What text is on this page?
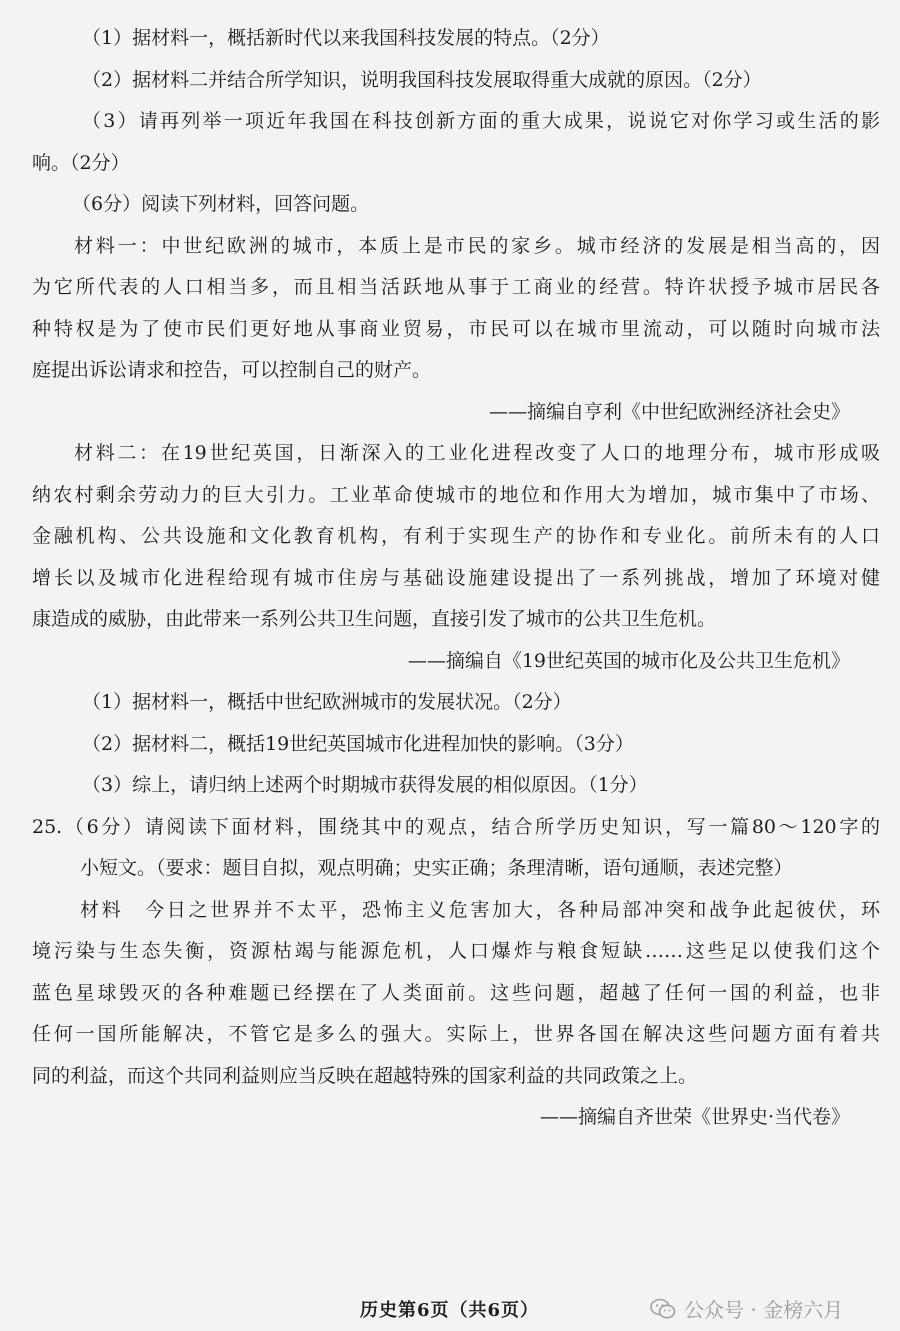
（1）据材料一，概括新时代以来我国科技发展的特点。（2分）
（2）据材料二并结合所学知识，说明我国科技发展取得重大成就的原因。（2分）
（3）请再列举一项近年我国在科技创新方面的重大成果，说说它对你学习或生活的影
响。（2分）
（6分）阅读下列材料，回答问题。
材料一：中世纪欧洲的城市，本质上是市民的家乡。城市经济的发展是相当高的，因
为它所代表的人口相当多，而且相当活跃地从事于工商业的经营。特许状授予城市居民各
种特权是为了使市民们更好地从事商业贸易，市民可以在城市里流动，可以随时向城市法
庭提出诉讼请求和控告，可以控制自己的财产。
——摘编自亨利《中世纪欧洲经济社会史》
材料二：在19世纪英国，日渐深入的工业化进程改变了人口的地理分布，城市形成吸
纳农村剩余劳动力的巨大引力。工业革命使城市的地位和作用大为增加，城市集中了市场、
金融机构、公共设施和文化教育机构，有利于实现生产的协作和专业化。前所未有的人口
增长以及城市化进程给现有城市住房与基础设施建设提出了一系列挑战，增加了环境对健
康造成的威胁，由此带来一系列公共卫生问题，直接引发了城市的公共卫生危机。
——摘编自《19世纪英国的城市化及公共卫生危机》
（1）据材料一，概括中世纪欧洲城市的发展状况。（2分）
（2）据材料二，概括19世纪英国城市化进程加快的影响。（3分）
（3）综上，请归纳上述两个时期城市获得发展的相似原因。（1分）
25.（6分）请阅读下面材料，围绕其中的观点，结合所学历史知识，写一篇80～120字的
小短文。（要求：题目自拟，观点明确；史实正确；条理清晰，语句通顺，表述完整）
材料　今日之世界并不太平，恐怖主义危害加大，各种局部冲突和战争此起彼伏，环
境污染与生态失衡，资源枯竭与能源危机，人口爆炸与粮食短缺……这些足以使我们这个
蓝色星球毁灭的各种难题已经摆在了人类面前。这些问题，超越了任何一国的利益，也非
任何一国所能解决，不管它是多么的强大。实际上，世界各国在解决这些问题方面有着共
同的利益，而这个共同利益则应当反映在超越特殊的国家利益的共同政策之上。
——摘编自齐世荣《世界史·当代卷》
历史第6页（共6页）	公众号 · 金榜六月
